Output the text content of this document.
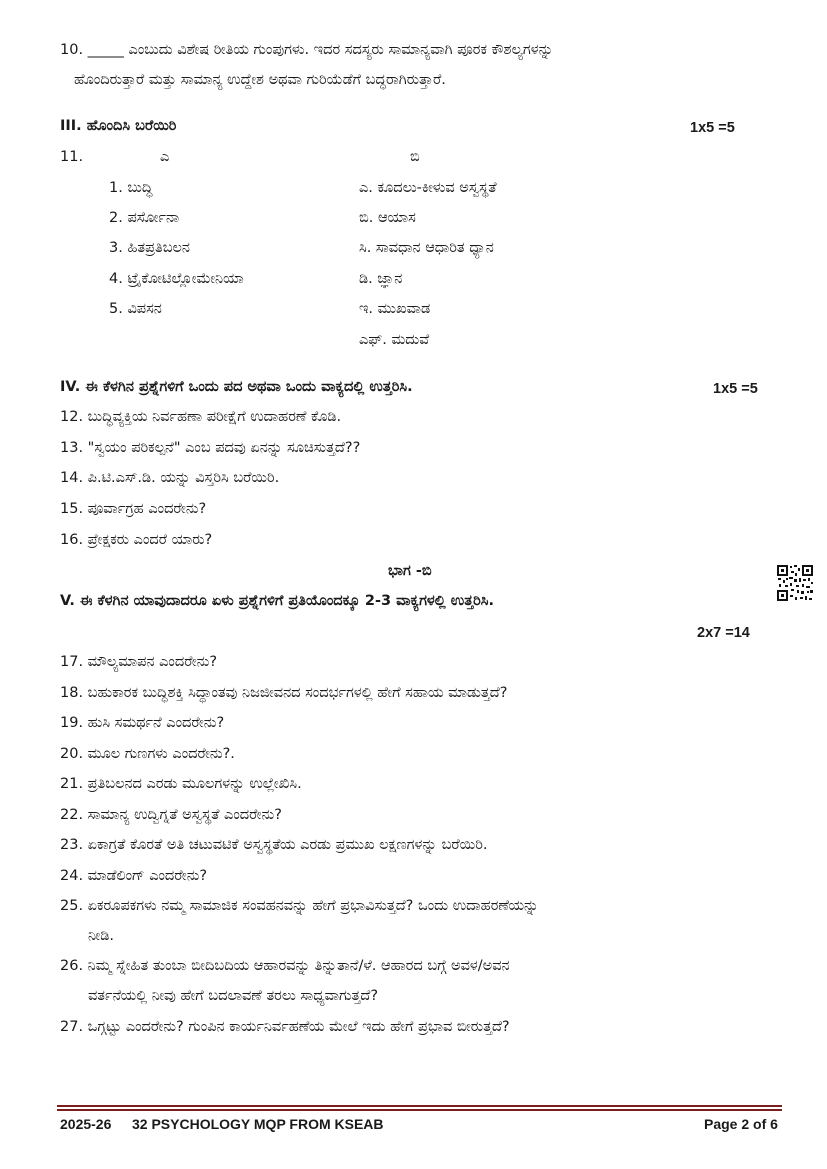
10. _____ ಎಂಬುದು ವಿಶೇಷ ರೀತಿಯ ಗುಂಪುಗಳು. ಇದರ ಸದಸ್ಯರು ಸಾಮಾನ್ಯವಾಗಿ ಪೂರಕ ಕೌಶಲ್ಯಗಳನ್ನು
ಹೊಂದಿರುತ್ತಾರೆ ಮತ್ತು ಸಾಮಾನ್ಯ ಉದ್ದೇಶ ಅಥವಾ ಗುರಿಯೆಡೆಗೆ ಬದ್ಧರಾಗಿರುತ್ತಾರೆ.
III. ಹೊಂದಿಸಿ ಬರೆಯಿರಿ	1x5 =5
11.	ಎ	ಬಿ
1. ಬುದ್ಧಿ	ಎ. ಕೂದಲು-ಕೀಳುವ ಅಸ್ವಸ್ಥತೆ
2. ಪರ್ಸೋನಾ	ಬಿ. ಆಯಾಸ
3. ಹಿತಪ್ರತಿಬಲನ	ಸಿ. ಸಾವಧಾನ ಆಧಾರಿತ ಧ್ಯಾನ
4. ಟ್ರೈಕೋಟಿಲ್ಲೋಮೇನಿಯಾ	ಡಿ. ಜ್ಞಾನ
5. ವಿಪಸನ	ಇ. ಮುಖವಾಡ
ಎಫ್. ಮದುವೆ
IV. ಈ ಕೆಳಗಿನ ಪ್ರಶ್ನೆಗಳಿಗೆ ಒಂದು ಪದ ಅಥವಾ ಒಂದು ವಾಕ್ಯದಲ್ಲಿ ಉತ್ತರಿಸಿ.	1x5 =5
12. ಬುದ್ಧಿವ್ಯಕ್ತಿಯ ನಿರ್ವಹಣಾ ಪರೀಕ್ಷೆಗೆ ಉದಾಹರಣೆ ಕೊಡಿ.
13. "ಸ್ವಯಂ ಪರಿಕಲ್ಪನೆ" ಎಂಬ ಪದವು ಏನನ್ನು ಸೂಚಿಸುತ್ತದೆ??
14. ಪಿ.ಟಿ.ಎಸ್.ಡಿ. ಯನ್ನು ವಿಸ್ತರಿಸಿ ಬರೆಯಿರಿ.
15. ಪೂರ್ವಾಗ್ರಹ ಎಂದರೇನು?
16. ಪ್ರೇಕ್ಷಕರು ಎಂದರೆ ಯಾರು?
ಭಾಗ -ಬಿ
V. ಈ ಕೆಳಗಿನ ಯಾವುದಾದರೂ ಏಳು ಪ್ರಶ್ನೆಗಳಿಗೆ ಪ್ರತಿಯೊಂದಕ್ಕೂ 2-3 ವಾಕ್ಯಗಳಲ್ಲಿ ಉತ್ತರಿಸಿ.
2x7 =14
17. ಮೌಲ್ಯಮಾಪನ ಎಂದರೇನು?
18. ಬಹುಕಾರಕ ಬುದ್ಧಿಶಕ್ತಿ ಸಿದ್ಧಾಂತವು ನಿಜಜೀವನದ ಸಂದರ್ಭಗಳಲ್ಲಿ ಹೇಗೆ ಸಹಾಯ ಮಾಡುತ್ತದೆ?
19. ಹುಸಿ ಸಮರ್ಥನೆ ಎಂದರೇನು?
20. ಮೂಲ ಗುಣಗಳು ಎಂದರೇನು?.
21. ಪ್ರತಿಬಲನದ ಎರಡು ಮೂಲಗಳನ್ನು ಉಲ್ಲೇಖಿಸಿ.
22. ಸಾಮಾನ್ಯ ಉದ್ವಿಗ್ನತೆ ಅಸ್ವಸ್ಥತೆ ಎಂದರೇನು?
23. ಏಕಾಗ್ರತೆ ಕೊರತೆ ಅತಿ ಚಟುವಟಿಕೆ ಅಸ್ವಸ್ಥತೆಯ ಎರಡು ಪ್ರಮುಖ ಲಕ್ಷಣಗಳನ್ನು ಬರೆಯಿರಿ.
24. ಮಾಡೆಲಿಂಗ್ ಎಂದರೇನು?
25. ಏಕರೂಪಕಗಳು ನಮ್ಮ ಸಾಮಾಜಿಕ ಸಂವಹನವನ್ನು ಹೇಗೆ ಪ್ರಭಾವಿಸುತ್ತದೆ? ಒಂದು ಉದಾಹರಣೆಯನ್ನು
ನೀಡಿ.
26. ನಿಮ್ಮ ಸ್ನೇಹಿತ ತುಂಬಾ ಬೀದಿಬದಿಯ ಆಹಾರವನ್ನು ತಿನ್ನುತಾನೆ/ಳೆ. ಆಹಾರದ ಬಗ್ಗೆ ಅವಳ/ಅವನ
ವರ್ತನೆಯಲ್ಲಿ ನೀವು ಹೇಗೆ ಬದಲಾವಣೆ ತರಲು ಸಾಧ್ಯವಾಗುತ್ತದೆ?
27. ಒಗ್ಗಟ್ಟು ಎಂದರೇನು? ಗುಂಪಿನ ಕಾರ್ಯನಿರ್ವಹಣೆಯ ಮೇಲೆ ಇದು ಹೇಗೆ ಪ್ರಭಾವ ಬೀರುತ್ತದೆ?
2025-26 32 PSYCHOLOGY MQP FROM KSEAB	Page 2 of 6
